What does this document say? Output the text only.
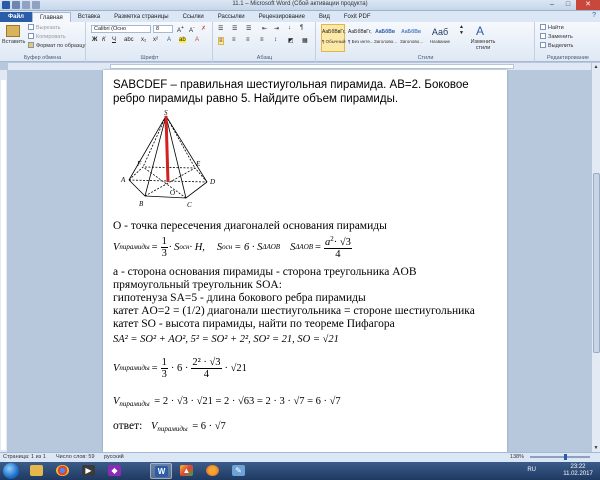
11.1 – Microsoft Word (Сбой активации продукта)	–	□	✕
Файл	Главная	Вставка	Разметка страницы	Ссылки	Рассылки	Рецензирование	Вид	Foxit PDF	?
Вставить
Вырезать
Копировать
Формат по образцу
Буфер обмена
Calibri (Осно	8	A+ A- ✗
Ж К Ч abc x₂ x² A ab A
Шрифт
☰ ☰ ☰ ⇤ ⇥ ↓ ¶
≡ ≡ ≡ ≡ ↕ ◩ ▦
Абзац
АаБбВвГг,
¶ Обычный
АаБбВвГг,
¶ Без инте...
АаБбВв
Заголово...
АаБбВв
Заголово...
Ааб
Название
▲
▼ A
Изменить стили
Стили
Найти
Заменить
Выделить
Редактирование
▲
▼
SABCDEF – правильная шестиугольная пирамида. AB=2. Боковое ребро пирамиды равно 5. Найдите объем пирамиды.
S
A
B	C
D
E
F
O
O - точка пересечения диагоналей основания пирамиды
V пирамиды = $\frac{1}{3} \cdot S$ осн · H, S осн = 6 · S ΔAOB S $\Delta AOB = \frac{a^2\cdot √3}{4}$
а - сторона основания пирамиды - сторона треугольника AOB
прямоугольный треугольник SOA:
гипотенуза SA=5 - длина бокового ребра пирамиды
катет AO=2 = (1/2) диагонали шестиугольника = стороне шестиугольника
катет SO - высота пирамиды, найти по теореме Пифагора
SA² = SO² + AO², 5² = SO² + 2², SO² = 21, SO = √21
V пирамиды = $\frac{1}{3} \cdot 6 \cdot \frac{\text{2² · √3}}{4} \cdot √21$
$V_{пирамиды} = 2 \cdot √3 \cdot √21 = 2 \cdot √63 = 2 \cdot 3 \cdot √7 = 6 \cdot √7$
ответ: $V_{пирамиды} = 6 \cdot √7$
Страница: 1 из 1 Число слов: 59 русский	138%
▶	◆	W	▲	✎	RU	23:22
11.02.2017
